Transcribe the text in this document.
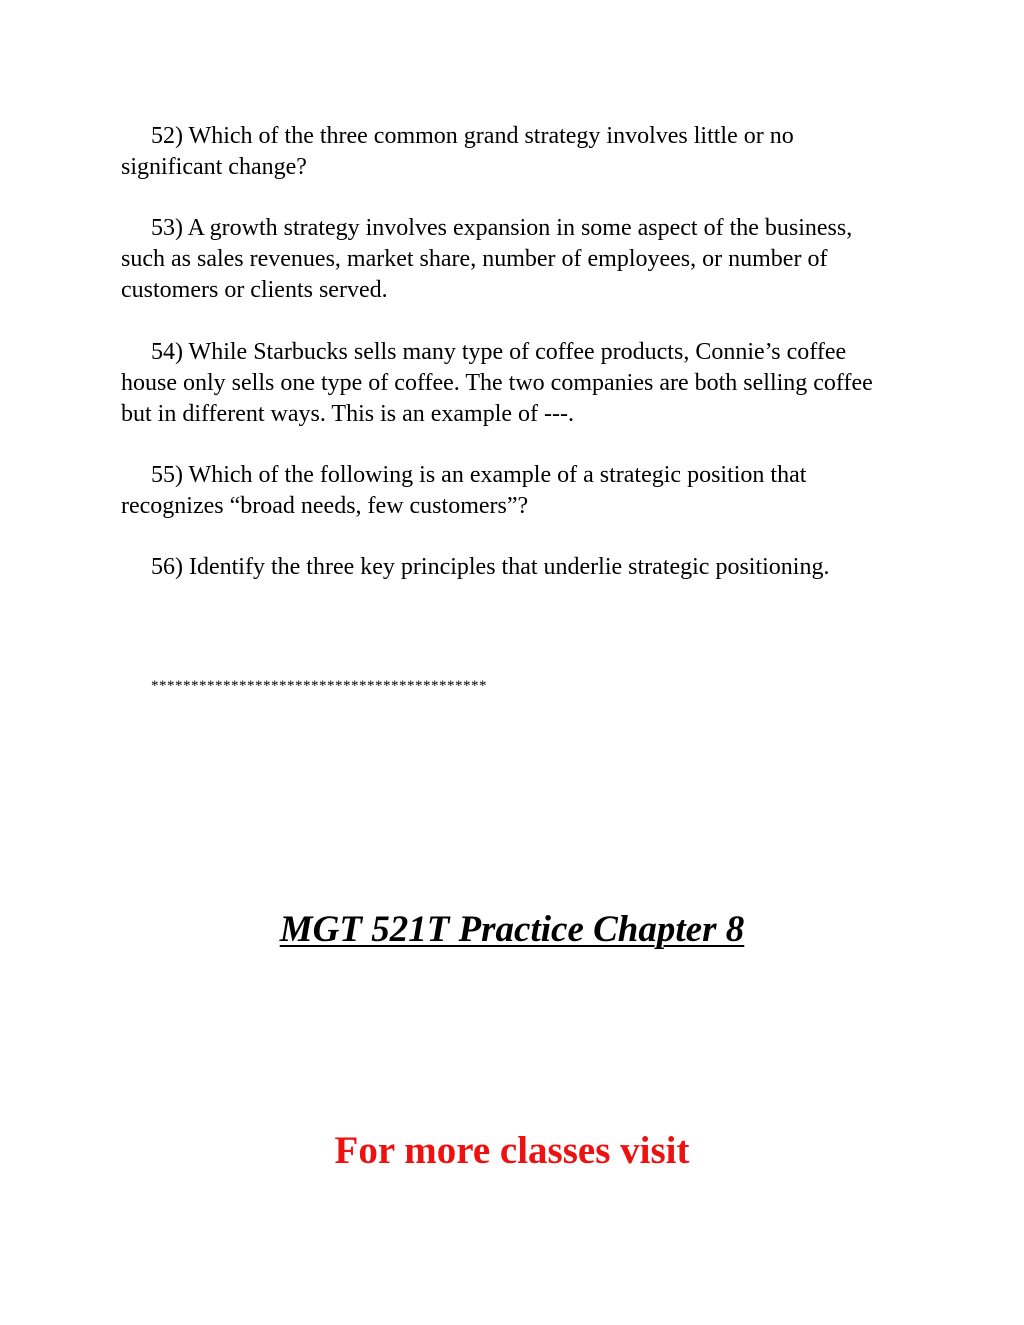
52) Which of the three common grand strategy involves little or no significant change?

53) A growth strategy involves expansion in some aspect of the business, such as sales revenues, market share, number of employees, or number of customers or clients served.

54) While Starbucks sells many type of coffee products, Connie’s coffee house only sells one type of coffee. The two companies are both selling coffee but in different ways. This is an example of ---.

55) Which of the following is an example of a strategic position that recognizes “broad needs, few customers”?

56) Identify the three key principles that underlie strategic positioning.

******************************************

MGT 521T Practice Chapter 8
For more classes visit
